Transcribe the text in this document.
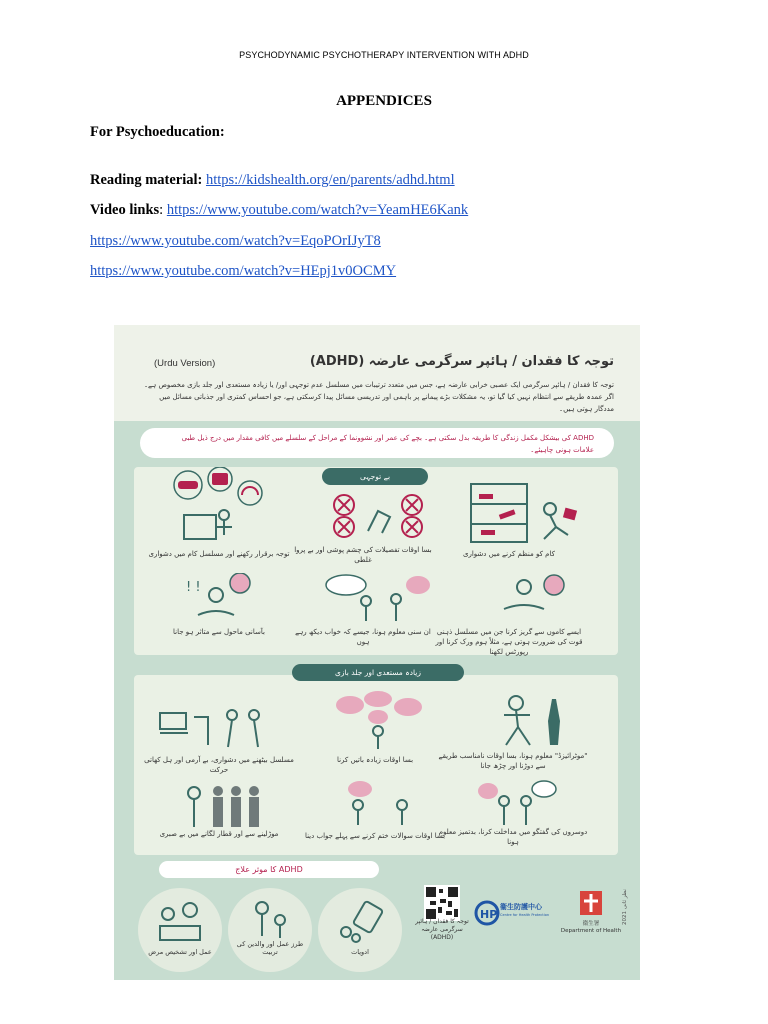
PSYCHODYNAMIC PSYCHOTHERAPY INTERVENTION WITH ADHD
APPENDICES
For Psychoeducation:
Reading material: https://kidshealth.org/en/parents/adhd.html
Video links: https://www.youtube.com/watch?v=YeamHE6Kank
https://www.youtube.com/watch?v=EqoPOrIJyT8
https://www.youtube.com/watch?v=HEpj1v0OCMY
(Urdu Version)	توجہ کا فقدان / ہائپر سرگرمی عارضہ (ADHD)
توجہ کا فقدان / ہائپر سرگرمی ایک عصبی خرابی عارضہ ہے، جس میں متعدد ترتیبات میں مسلسل عدم توجہی اور/ یا زیادہ مستعدی اور جلد بازی مخصوص ہے۔ اگر عمدہ طریقے سے انتظام نہیں کیا گیا تو، یہ مشکلات بڑے پیمانے پر باہمی اور تدریسی مسائل پیدا کرسکتی ہے، جو احساس کمتری اور جذباتی مسائل میں مددگار ہوتی ہیں۔
ADHD کی بیشکل مکمل زندگی کا طریقہ بدل سکتی ہے۔ بچے کی عمر اور نشوونما کے مراحل کے سلسلے میں کافی مقدار میں درج ذیل طبی علامات ہونی چاہیئے۔
بے توجہی
کام کو منظم کرنے میں دشواری
بسا اوقات تفصیلات کی چشم پوشی اور بے پروا غلطی
توجہ برقرار رکھنے اور مسلسل کام میں دشواری
! !
ایسے کاموں سے گریز کرنا جن میں مسلسل ذہنی قوت کی ضرورت ہوتی ہے، مثلاً ہوم ورک کرنا اور رپورٹس لکھنا
ان سنی معلوم ہونا، جیسے کہ خواب دیکھ رہے ہوں
بآسانی ماحول سے متاثر ہو جانا
زیادہ مستعدی اور جلد بازی
"موٹرائیزڈ" معلوم ہونا، بسا اوقات نامناسب طریقے سے دوڑنا اور چڑھ جانا
بسا اوقات زیادہ باتیں کرنا
مسلسل بیٹھنے میں دشواری، بے آرمی اور ہل کھاتی حرکت
دوسروں کی گفتگو میں مداخلت کرنا، بدتمیز معلوم ہونا
بسا اوقات سوالات ختم کرنے سے پہلے جواب دینا
موڑلینے سے اور قطار لگانے میں بے صبری
ADHD کا موثر علاج
عمل اور تشخیص مرض
طرز عمل اور والدین کی تربیت	ادویات
توجہ کا فقدان / ہائپر سرگرمی عارضہ (ADHD)
HP
衞生防護中心
Centre for Health Protection
衞生署
Department of Health
2021 نظر ثانی
